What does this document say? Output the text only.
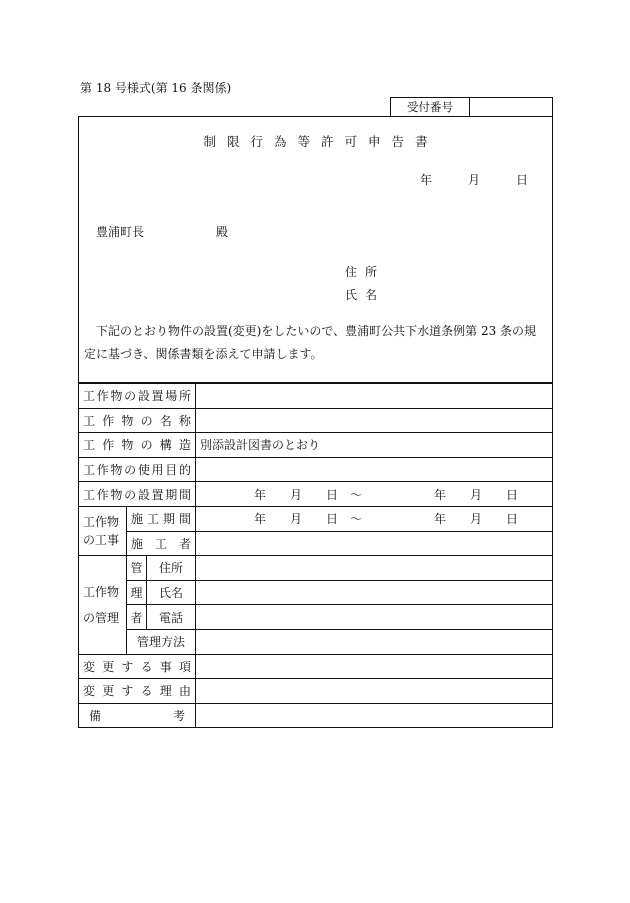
第 18 号様式(第 16 条関係)
受付番号
制限行為等許可申告書
年　　　月　　　日
豊浦町長　　　　　　殿
住所
氏名
下記のとおり物件の設置(変更)をしたいので、豊浦町公共下水道条例第 23 条の規定に基づき、関係書類を添えて申請します。
工作物の設置場所			
工作物の名称			
工作物の構造			別添設計図書のとおり
工作物の使用目的			
工作物の設置期間			　年　　月　　日　～　　　　　　年　　月　　日
工作物の工事	施工期間		　年　　月　　日　～　　　　　　年　　月　　日
	施工者		
工作物の管理	管	住所	
	理	氏名	
	者	電話	
	管理方法		
変更する事項			
変更する理由			
備考			
